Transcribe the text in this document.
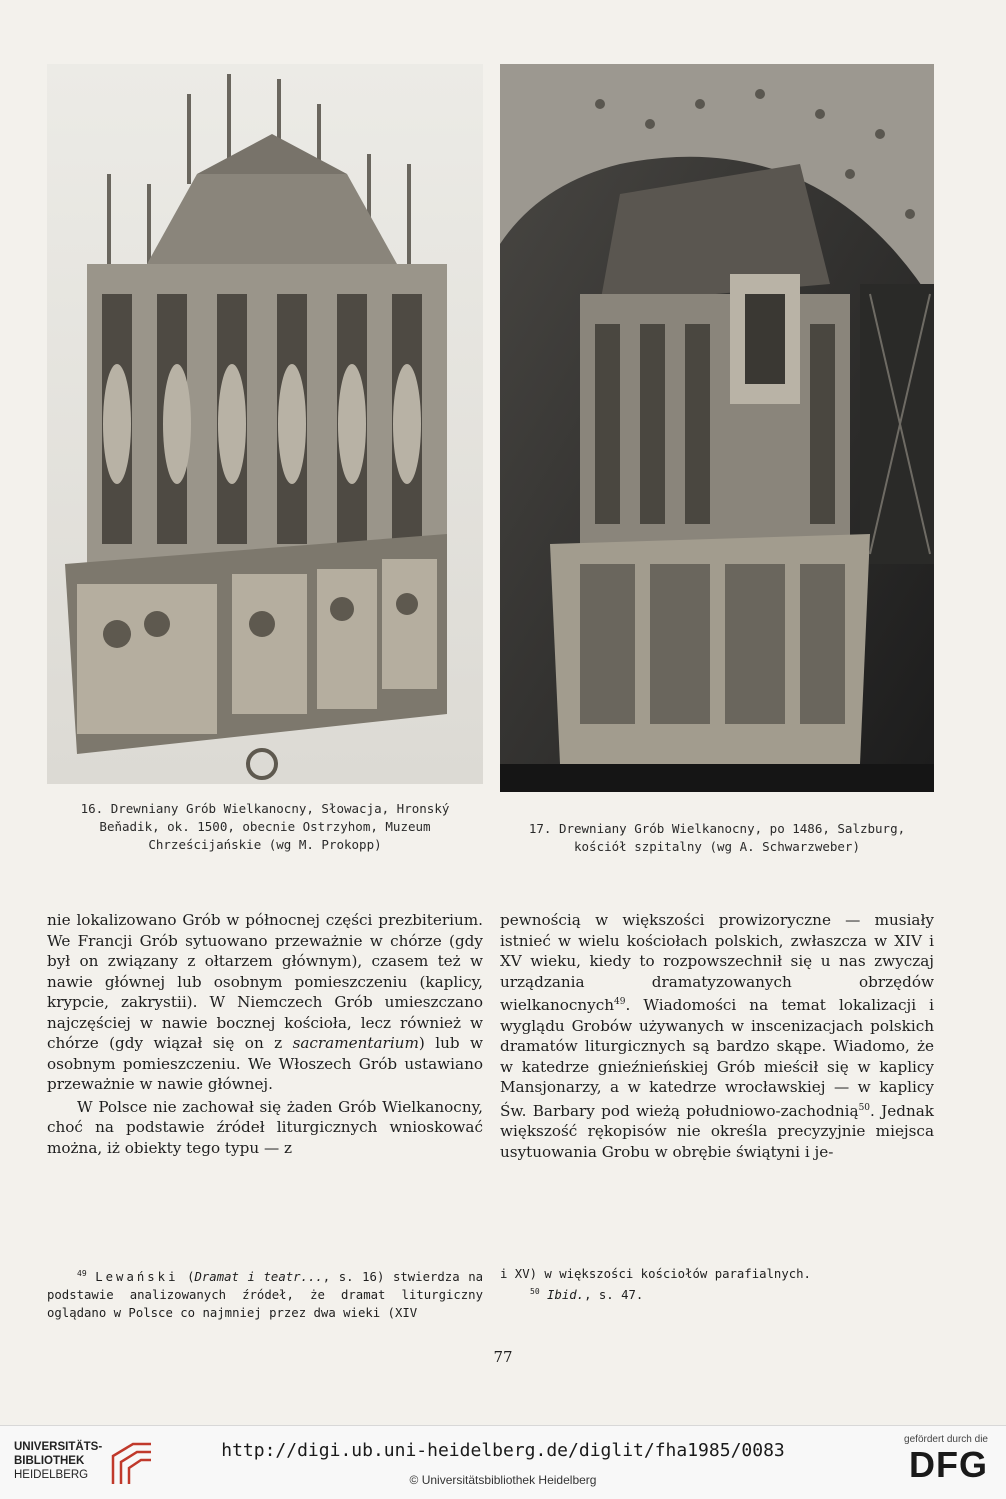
16. Drewniany Grób Wielkanocny, Słowacja, Hronský Beňadik, ok. 1500, obecnie Ostrzyhom, Muzeum Chrześcijańskie (wg M. Prokopp)
17. Drewniany Grób Wielkanocny, po 1486, Salzburg, kościół szpitalny (wg A. Schwarzweber)

nie lokalizowano Grób w północnej części prezbiterium. We Francji Grób sytuowano przeważnie w chórze (gdy był on związany z ołtarzem głównym), czasem też w nawie głównej lub osobnym pomieszczeniu (kaplicy, krypcie, zakrystii). W Niemczech Grób umieszczano najczęściej w nawie bocznej kościoła, lecz również w chórze (gdy wiązał się on z sacramentarium) lub w osobnym pomieszczeniu. We Włoszech Grób ustawiano przeważnie w nawie głównej.

W Polsce nie zachował się żaden Grób Wielkanocny, choć na podstawie źródeł liturgicznych wnioskować można, iż obiekty tego typu — z

pewnością w większości prowizoryczne — musiały istnieć w wielu kościołach polskich, zwłaszcza w XIV i XV wieku, kiedy to rozpowszechnił się u nas zwyczaj urządzania dramatyzowanych obrzędów wielkanocnych$^{49}$. Wiadomości na temat lokalizacji i wyglądu Grobów używanych w inscenizacjach polskich dramatów liturgicznych są bardzo skąpe. Wiadomo, że w katedrze gnieźnieńskiej Grób mieścił się w kaplicy Mansjonarzy, a w katedrze wrocławskiej — w kaplicy Św. Barbary pod wieżą południowo-zachodnią$^{50}$. Jednak większość rękopisów nie określa precyzyjnie miejsca usytuowania Grobu w obrębie świątyni i je-

$^{49}$ Lewański (Dramat i teatr..., s. 16) stwierdza na podstawie analizowanych źródeł, że dramat liturgiczny oglądano w Polsce co najmniej przez dwa wieki (XIV

i XV) w większości kościołów parafialnych.

$^{50}$ Ibid., s. 47.

77
UNIVERSITÄTS-
BIBLIOTHEK
HEIDELBERG
http://digi.ub.uni-heidelberg.de/diglit/fha1985/0083
© Universitätsbibliothek Heidelberg
gefördert durch die
DFG
